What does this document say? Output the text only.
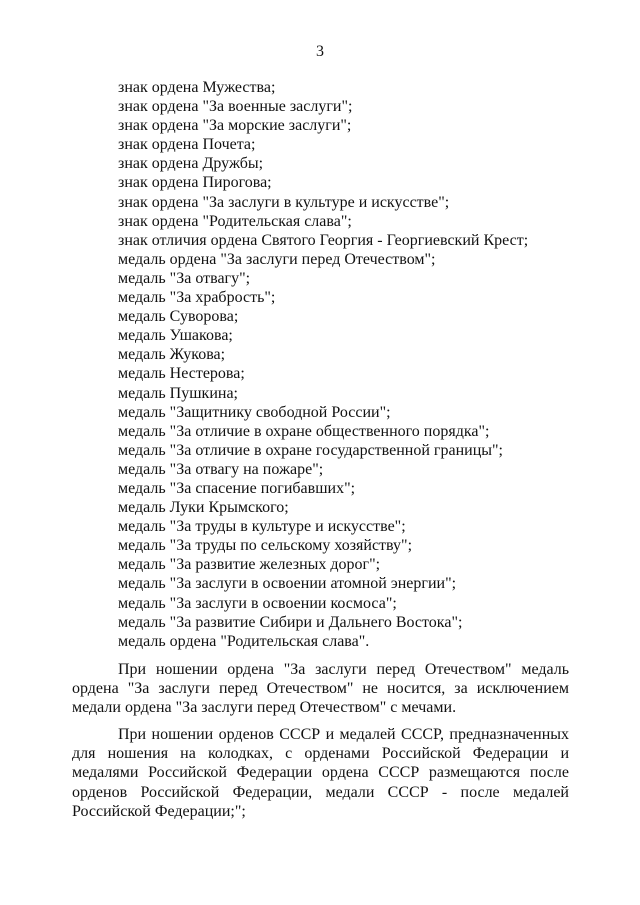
3
знак ордена Мужества;
знак ордена "За военные заслуги";
знак ордена "За морские заслуги";
знак ордена Почета;
знак ордена Дружбы;
знак ордена Пирогова;
знак ордена "За заслуги в культуре и искусстве";
знак ордена "Родительская слава";
знак отличия ордена Святого Георгия - Георгиевский Крест;
медаль ордена "За заслуги перед Отечеством";
медаль "За отвагу";
медаль "За храбрость";
медаль Суворова;
медаль Ушакова;
медаль Жукова;
медаль Нестерова;
медаль Пушкина;
медаль "Защитнику свободной России";
медаль "За отличие в охране общественного порядка";
медаль "За отличие в охране государственной границы";
медаль "За отвагу на пожаре";
медаль "За спасение погибавших";
медаль Луки Крымского;
медаль "За труды в культуре и искусстве";
медаль "За труды по сельскому хозяйству";
медаль "За развитие железных дорог";
медаль "За заслуги в освоении атомной энергии";
медаль "За заслуги в освоении космоса";
медаль "За развитие Сибири и Дальнего Востока";
медаль ордена "Родительская слава".
При ношении ордена "За заслуги перед Отечеством" медаль
ордена "За заслуги перед Отечеством" не носится, за исключением
медали ордена "За заслуги перед Отечеством" с мечами.
При ношении орденов СССР и медалей СССР, предназначенных
для ношения на колодках, с орденами Российской Федерации и
медалями Российской Федерации ордена СССР размещаются после
орденов Российской Федерации, медали СССР - после медалей
Российской Федерации;";
